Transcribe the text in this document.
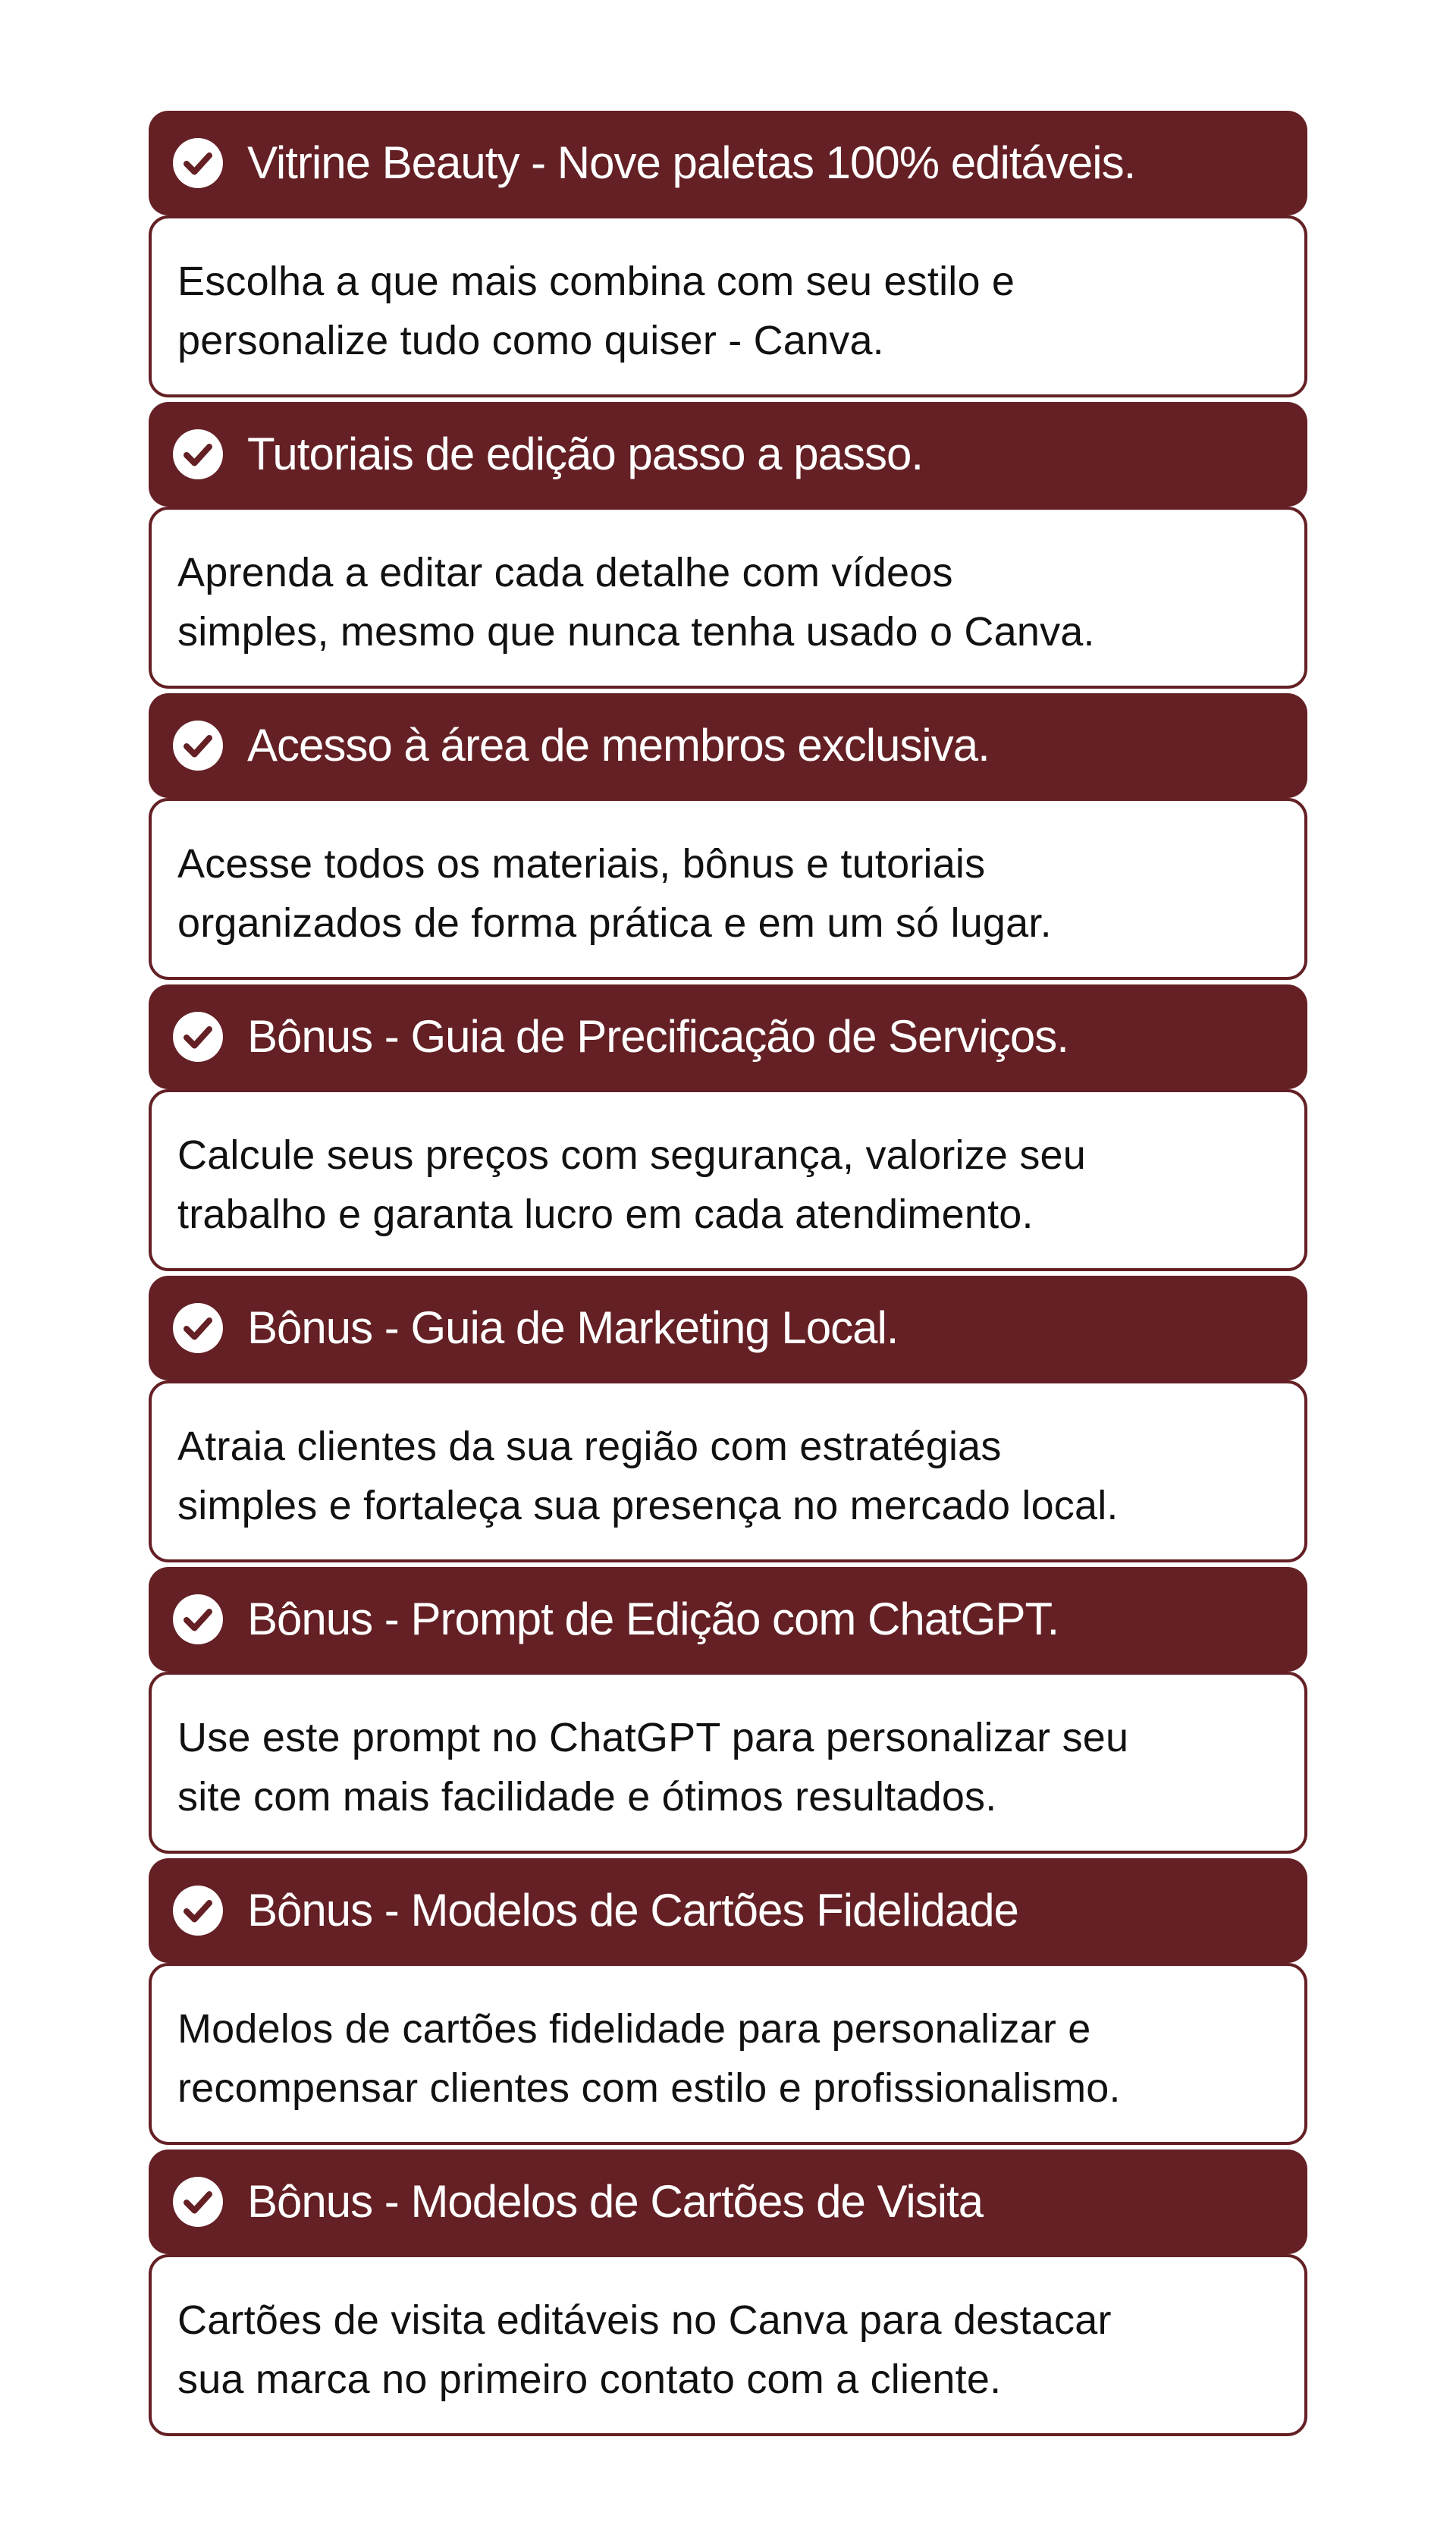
Vitrine Beauty - Nove paletas 100% editáveis.
Escolha a que mais combina com seu estilo e
personalize tudo como quiser - Canva.
Tutoriais de edição passo a passo.
Aprenda a editar cada detalhe com vídeos
simples, mesmo que nunca tenha usado o Canva.
Acesso à área de membros exclusiva.
Acesse todos os materiais, bônus e tutoriais
organizados de forma prática e em um só lugar.
Bônus - Guia de Precificação de Serviços.
Calcule seus preços com segurança, valorize seu
trabalho e garanta lucro em cada atendimento.
Bônus - Guia de Marketing Local.
Atraia clientes da sua região com estratégias
simples e fortaleça sua presença no mercado local.
Bônus - Prompt de Edição com ChatGPT.
Use este prompt no ChatGPT para personalizar seu
site com mais facilidade e ótimos resultados.
Bônus - Modelos de Cartões Fidelidade
Modelos de cartões fidelidade para personalizar e
recompensar clientes com estilo e profissionalismo.
Bônus - Modelos de Cartões de Visita
Cartões de visita editáveis no Canva para destacar
sua marca no primeiro contato com a cliente.
